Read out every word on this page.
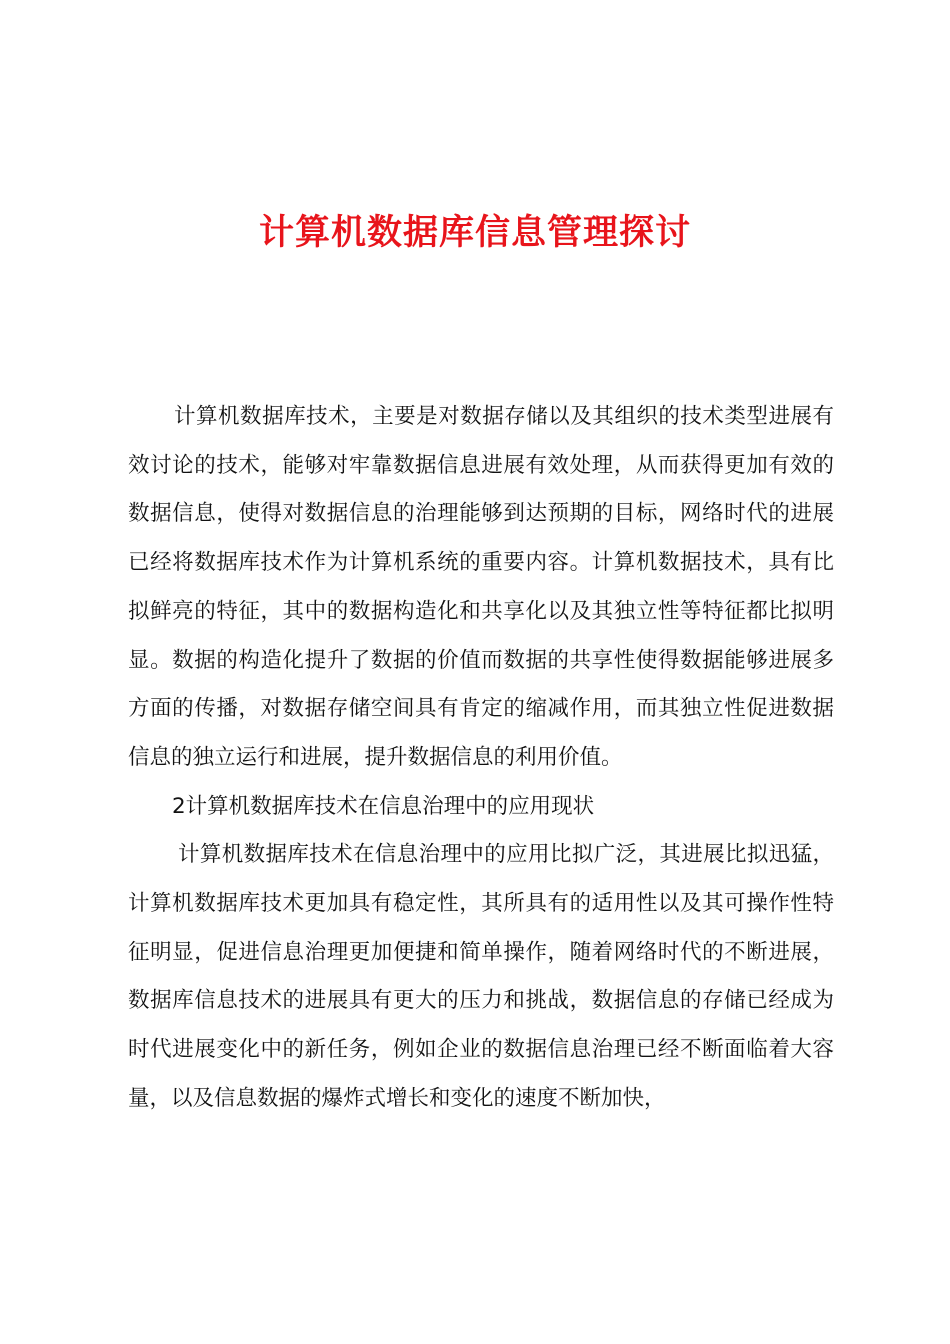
计算机数据库信息管理探讨

计算机数据库技术，主要是对数据存储以及其组织的技术类型进展有效讨论的技术，能够对牢靠数据信息进展有效处理，从而获得更加有效的数据信息，使得对数据信息的治理能够到达预期的目标，网络时代的进展已经将数据库技术作为计算机系统的重要内容。计算机数据技术，具有比拟鲜亮的特征，其中的数据构造化和共享化以及其独立性等特征都比拟明显。数据的构造化提升了数据的价值而数据的共享性使得数据能够进展多方面的传播，对数据存储空间具有肯定的缩减作用，而其独立性促进数据信息的独立运行和进展，提升数据信息的利用价值。

2计算机数据库技术在信息治理中的应用现状

计算机数据库技术在信息治理中的应用比拟广泛，其进展比拟迅猛，计算机数据库技术更加具有稳定性，其所具有的适用性以及其可操作性特征明显，促进信息治理更加便捷和简单操作，随着网络时代的不断进展，数据库信息技术的进展具有更大的压力和挑战，数据信息的存储已经成为时代进展变化中的新任务，例如企业的数据信息治理已经不断面临着大容量，以及信息数据的爆炸式增长和变化的速度不断加快，
